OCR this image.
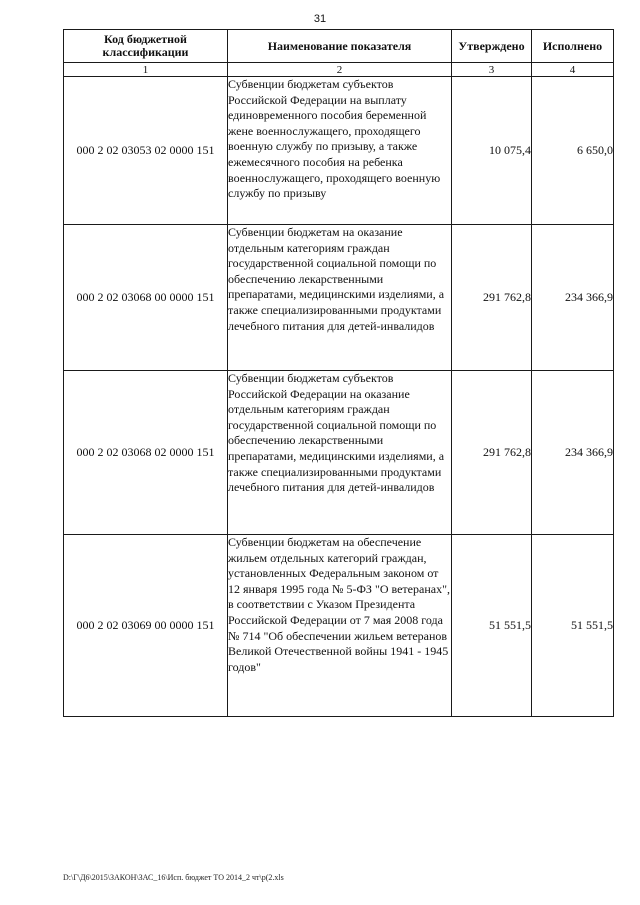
31
Код бюджетной классификации	Наименование показателя	Утверждено	Исполнено
1	2	3	4
000 2 02 03053 02 0000 151	Субвенции бюджетам субъектов Российской Федерации на выплату единовременного пособия беременной жене военнослужащего, проходящего военную службу по призыву, а также ежемесячного пособия на ребенка военнослужащего, проходящего военную службу по призыву	10 075,4	6 650,0
000 2 02 03068 00 0000 151	Субвенции бюджетам на оказание отдельным категориям граждан государственной социальной помощи по обеспечению лекарственными препаратами, медицинскими изделиями, а также специализированными продуктами лечебного питания для детей-инвалидов	291 762,8	234 366,9
000 2 02 03068 02 0000 151	Субвенции бюджетам субъектов Российской Федерации на оказание отдельным категориям граждан государственной социальной помощи по обеспечению лекарственными препаратами, медицинскими изделиями, а также специализированными продуктами лечебного питания для детей-инвалидов	291 762,8	234 366,9
000 2 02 03069 00 0000 151	Субвенции бюджетам на обеспечение жильем отдельных категорий граждан, установленных Федеральным законом от 12 января 1995 года № 5-ФЗ "О ветеранах", в соответствии с Указом Президента Российской Федерации от 7 мая 2008 года № 714 "Об обеспечении жильем ветеранов Великой Отечественной войны 1941 - 1945 годов"	51 551,5	51 551,5
D:\Г\Д6\2015\ЗАКОН\ЗАС_16\Исп. бюджет ТО 2014_2 чт\р(2.xls
